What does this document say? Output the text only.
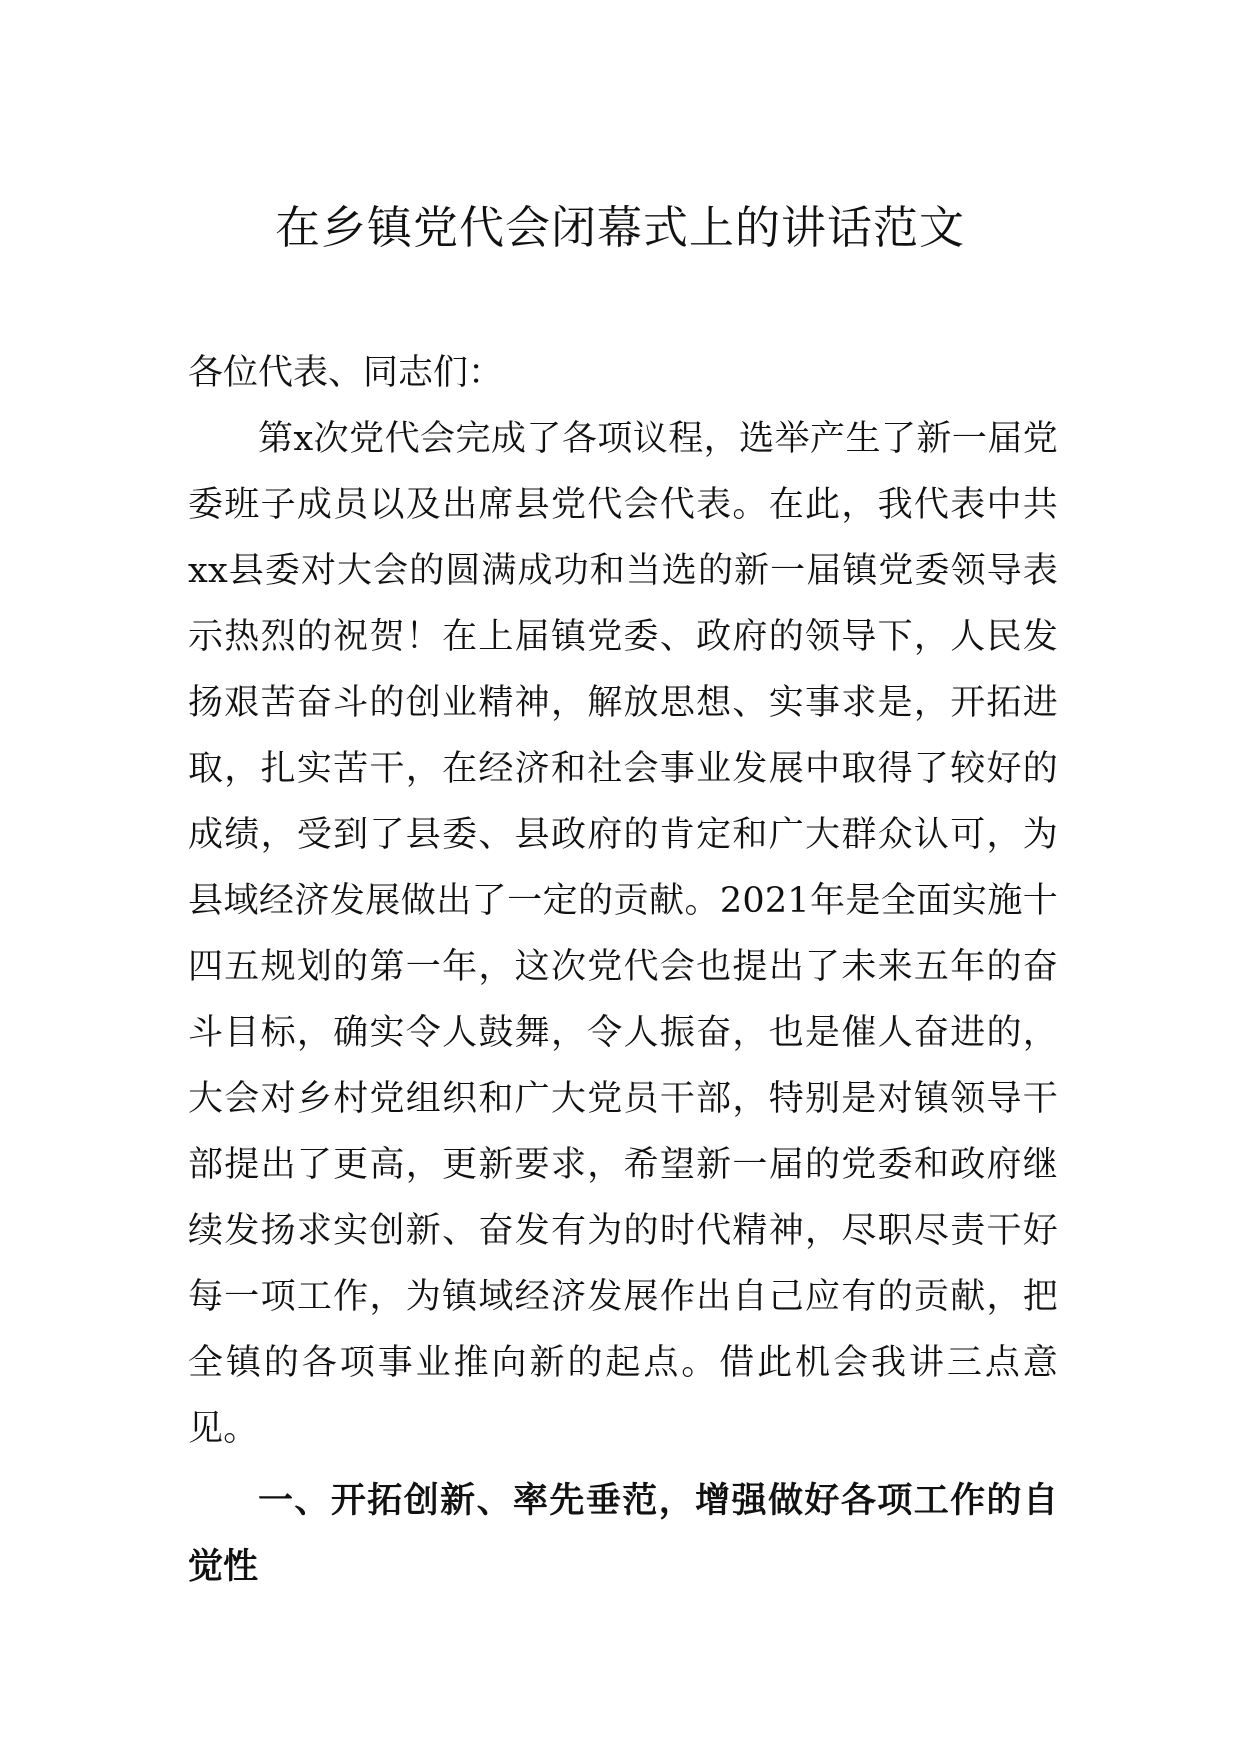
在乡镇党代会闭幕式上的讲话范文

各位代表、同志们：

第x次党代会完成了各项议程，选举产生了新一届党委班子成员以及出席县党代会代表。在此，我代表中共xx县委对大会的圆满成功和当选的新一届镇党委领导表示热烈的祝贺！在上届镇党委、政府的领导下，人民发扬艰苦奋斗的创业精神，解放思想、实事求是，开拓进取，扎实苦干，在经济和社会事业发展中取得了较好的成绩，受到了县委、县政府的肯定和广大群众认可，为县域经济发展做出了一定的贡献。2021年是全面实施十四五规划的第一年，这次党代会也提出了未来五年的奋斗目标，确实令人鼓舞，令人振奋，也是催人奋进的，大会对乡村党组织和广大党员干部，特别是对镇领导干部提出了更高，更新要求，希望新一届的党委和政府继续发扬求实创新、奋发有为的时代精神，尽职尽责干好每一项工作，为镇域经济发展作出自己应有的贡献，把全镇的各项事业推向新的起点。借此机会我讲三点意见。

一、开拓创新、率先垂范，增强做好各项工作的自觉性
